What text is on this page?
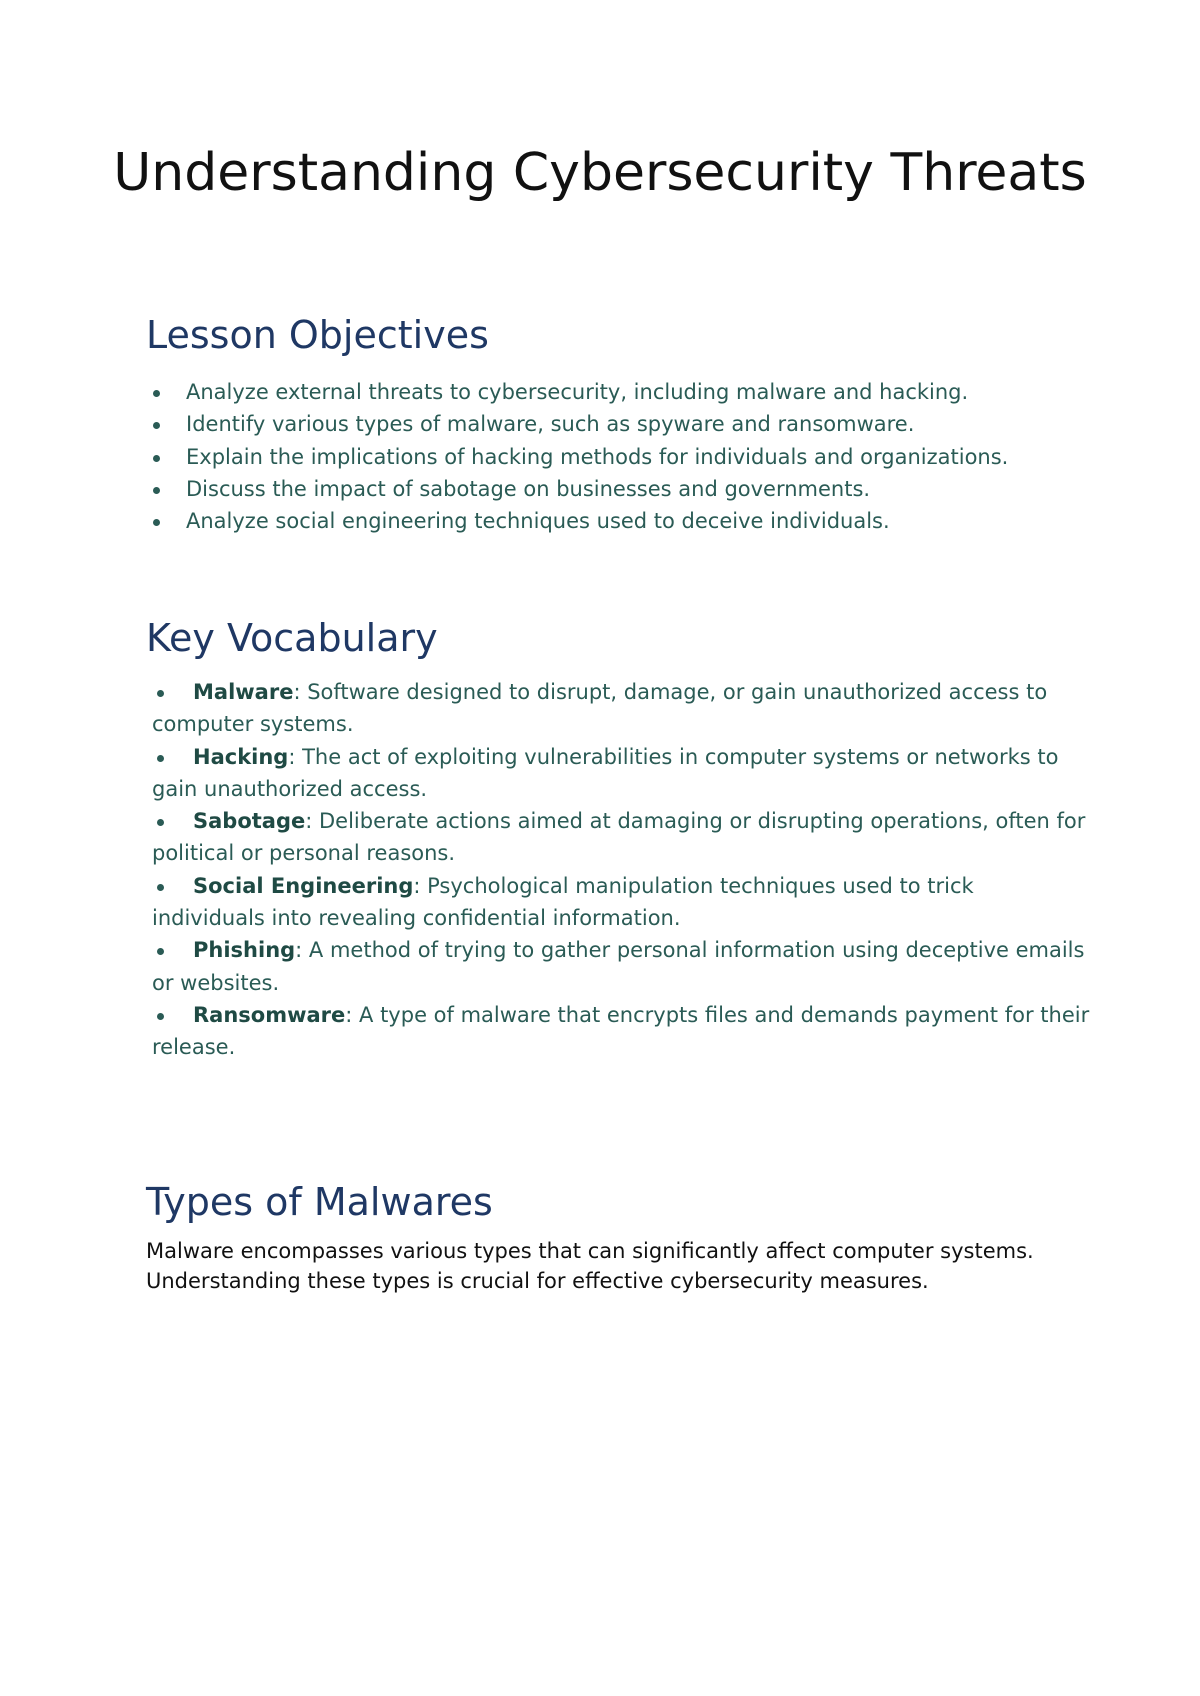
Understanding Cybersecurity Threats
Lesson Objectives
Analyze external threats to cybersecurity, including malware and hacking.
Identify various types of malware, such as spyware and ransomware.
Explain the implications of hacking methods for individuals and organizations.
Discuss the impact of sabotage on businesses and governments.
Analyze social engineering techniques used to deceive individuals.
Key Vocabulary
Malware: Software designed to disrupt, damage, or gain unauthorized access to computer systems.
Hacking: The act of exploiting vulnerabilities in computer systems or networks to gain unauthorized access.
Sabotage: Deliberate actions aimed at damaging or disrupting operations, often for political or personal reasons.
Social Engineering: Psychological manipulation techniques used to trick individuals into revealing confidential information.
Phishing: A method of trying to gather personal information using deceptive emails or websites.
Ransomware: A type of malware that encrypts files and demands payment for their release.
Types of Malwares

Malware encompasses various types that can significantly affect computer systems. Understanding these types is crucial for effective cybersecurity measures.
